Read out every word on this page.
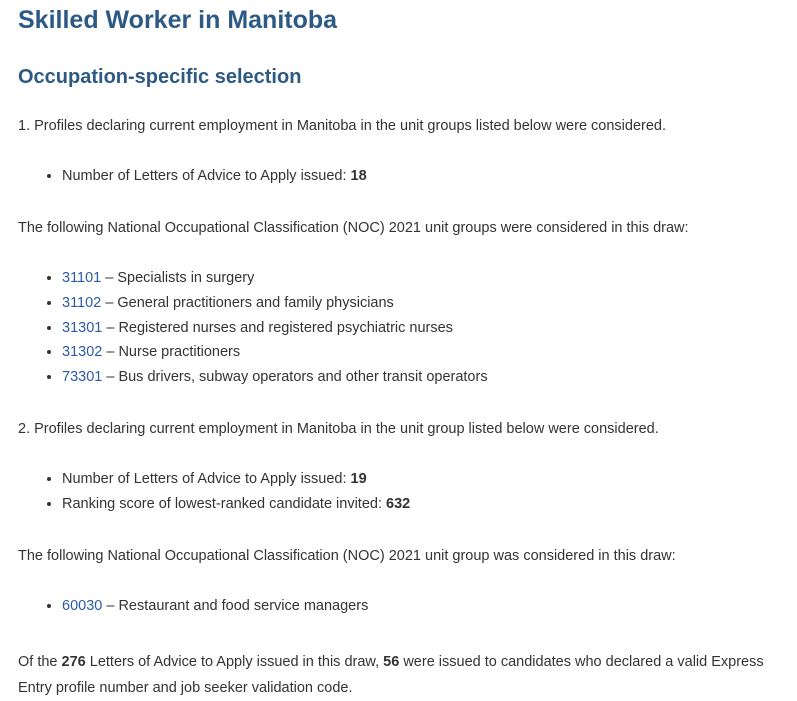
Skilled Worker in Manitoba
Occupation-specific selection

1. Profiles declaring current employment in Manitoba in the unit groups listed below were considered.

• Number of Letters of Advice to Apply issued: 18

The following National Occupational Classification (NOC) 2021 unit groups were considered in this draw:

• 31101 – Specialists in surgery
• 31102 – General practitioners and family physicians
• 31301 – Registered nurses and registered psychiatric nurses
• 31302 – Nurse practitioners
• 73301 – Bus drivers, subway operators and other transit operators

2. Profiles declaring current employment in Manitoba in the unit group listed below were considered.

• Number of Letters of Advice to Apply issued: 19
• Ranking score of lowest-ranked candidate invited: 632

The following National Occupational Classification (NOC) 2021 unit group was considered in this draw:

• 60030 – Restaurant and food service managers

Of the 276 Letters of Advice to Apply issued in this draw, 56 were issued to candidates who declared a valid Express Entry profile number and job seeker validation code.
